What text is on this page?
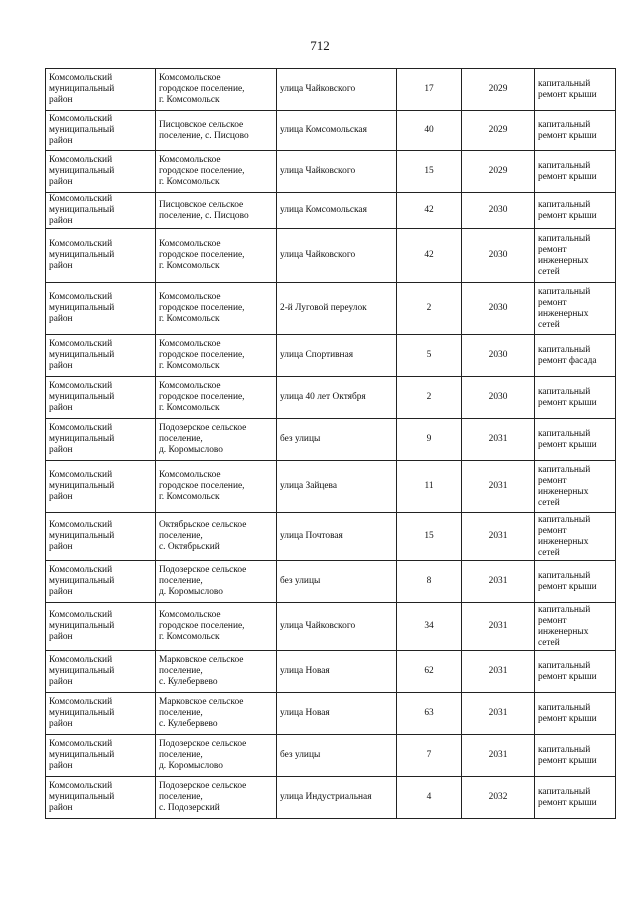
712
Комсомольский
муниципальный
район	Комсомольское
городское поселение,
г. Комсомольск	улица Чайковского	17	2029	капитальный
ремонт крыши

Комсомольский
муниципальный
район	Писцовское сельское
поселение, с. Писцово	улица Комсомольская	40	2029	капитальный
ремонт крыши

Комсомольский
муниципальный
район	Комсомольское
городское поселение,
г. Комсомольск	улица Чайковского	15	2029	капитальный
ремонт крыши

Комсомольский
муниципальный
район	Писцовское сельское
поселение, с. Писцово	улица Комсомольская	42	2030	капитальный
ремонт крыши

Комсомольский
муниципальный
район	Комсомольское
городское поселение,
г. Комсомольск	улица Чайковского	42	2030	капитальный
ремонт
инженерных
сетей

Комсомольский
муниципальный
район	Комсомольское
городское поселение,
г. Комсомольск	2-й Луговой переулок	2	2030	капитальный
ремонт
инженерных
сетей

Комсомольский
муниципальный
район	Комсомольское
городское поселение,
г. Комсомольск	улица Спортивная	5	2030	капитальный
ремонт фасада

Комсомольский
муниципальный
район	Комсомольское
городское поселение,
г. Комсомольск	улица 40 лет Октября	2	2030	капитальный
ремонт крыши

Комсомольский
муниципальный
район	Подозерское сельское
поселение,
д. Коромыслово	без улицы	9	2031	капитальный
ремонт крыши

Комсомольский
муниципальный
район	Комсомольское
городское поселение,
г. Комсомольск	улица Зайцева	11	2031	капитальный
ремонт
инженерных
сетей

Комсомольский
муниципальный
район	Октябрьское сельское
поселение,
с. Октябрьский	улица Почтовая	15	2031	капитальный
ремонт
инженерных
сетей

Комсомольский
муниципальный
район	Подозерское сельское
поселение,
д. Коромыслово	без улицы	8	2031	капитальный
ремонт крыши

Комсомольский
муниципальный
район	Комсомольское
городское поселение,
г. Комсомольск	улица Чайковского	34	2031	капитальный
ремонт
инженерных
сетей

Комсомольский
муниципальный
район	Марковское сельское
поселение,
с. Кулебервево	улица Новая	62	2031	капитальный
ремонт крыши

Комсомольский
муниципальный
район	Марковское сельское
поселение,
с. Кулебервево	улица Новая	63	2031	капитальный
ремонт крыши

Комсомольский
муниципальный
район	Подозерское сельское
поселение,
д. Коромыслово	без улицы	7	2031	капитальный
ремонт крыши

Комсомольский
муниципальный
район	Подозерское сельское
поселение,
с. Подозерский	улица Индустриальная	4	2032	капитальный
ремонт крыши
